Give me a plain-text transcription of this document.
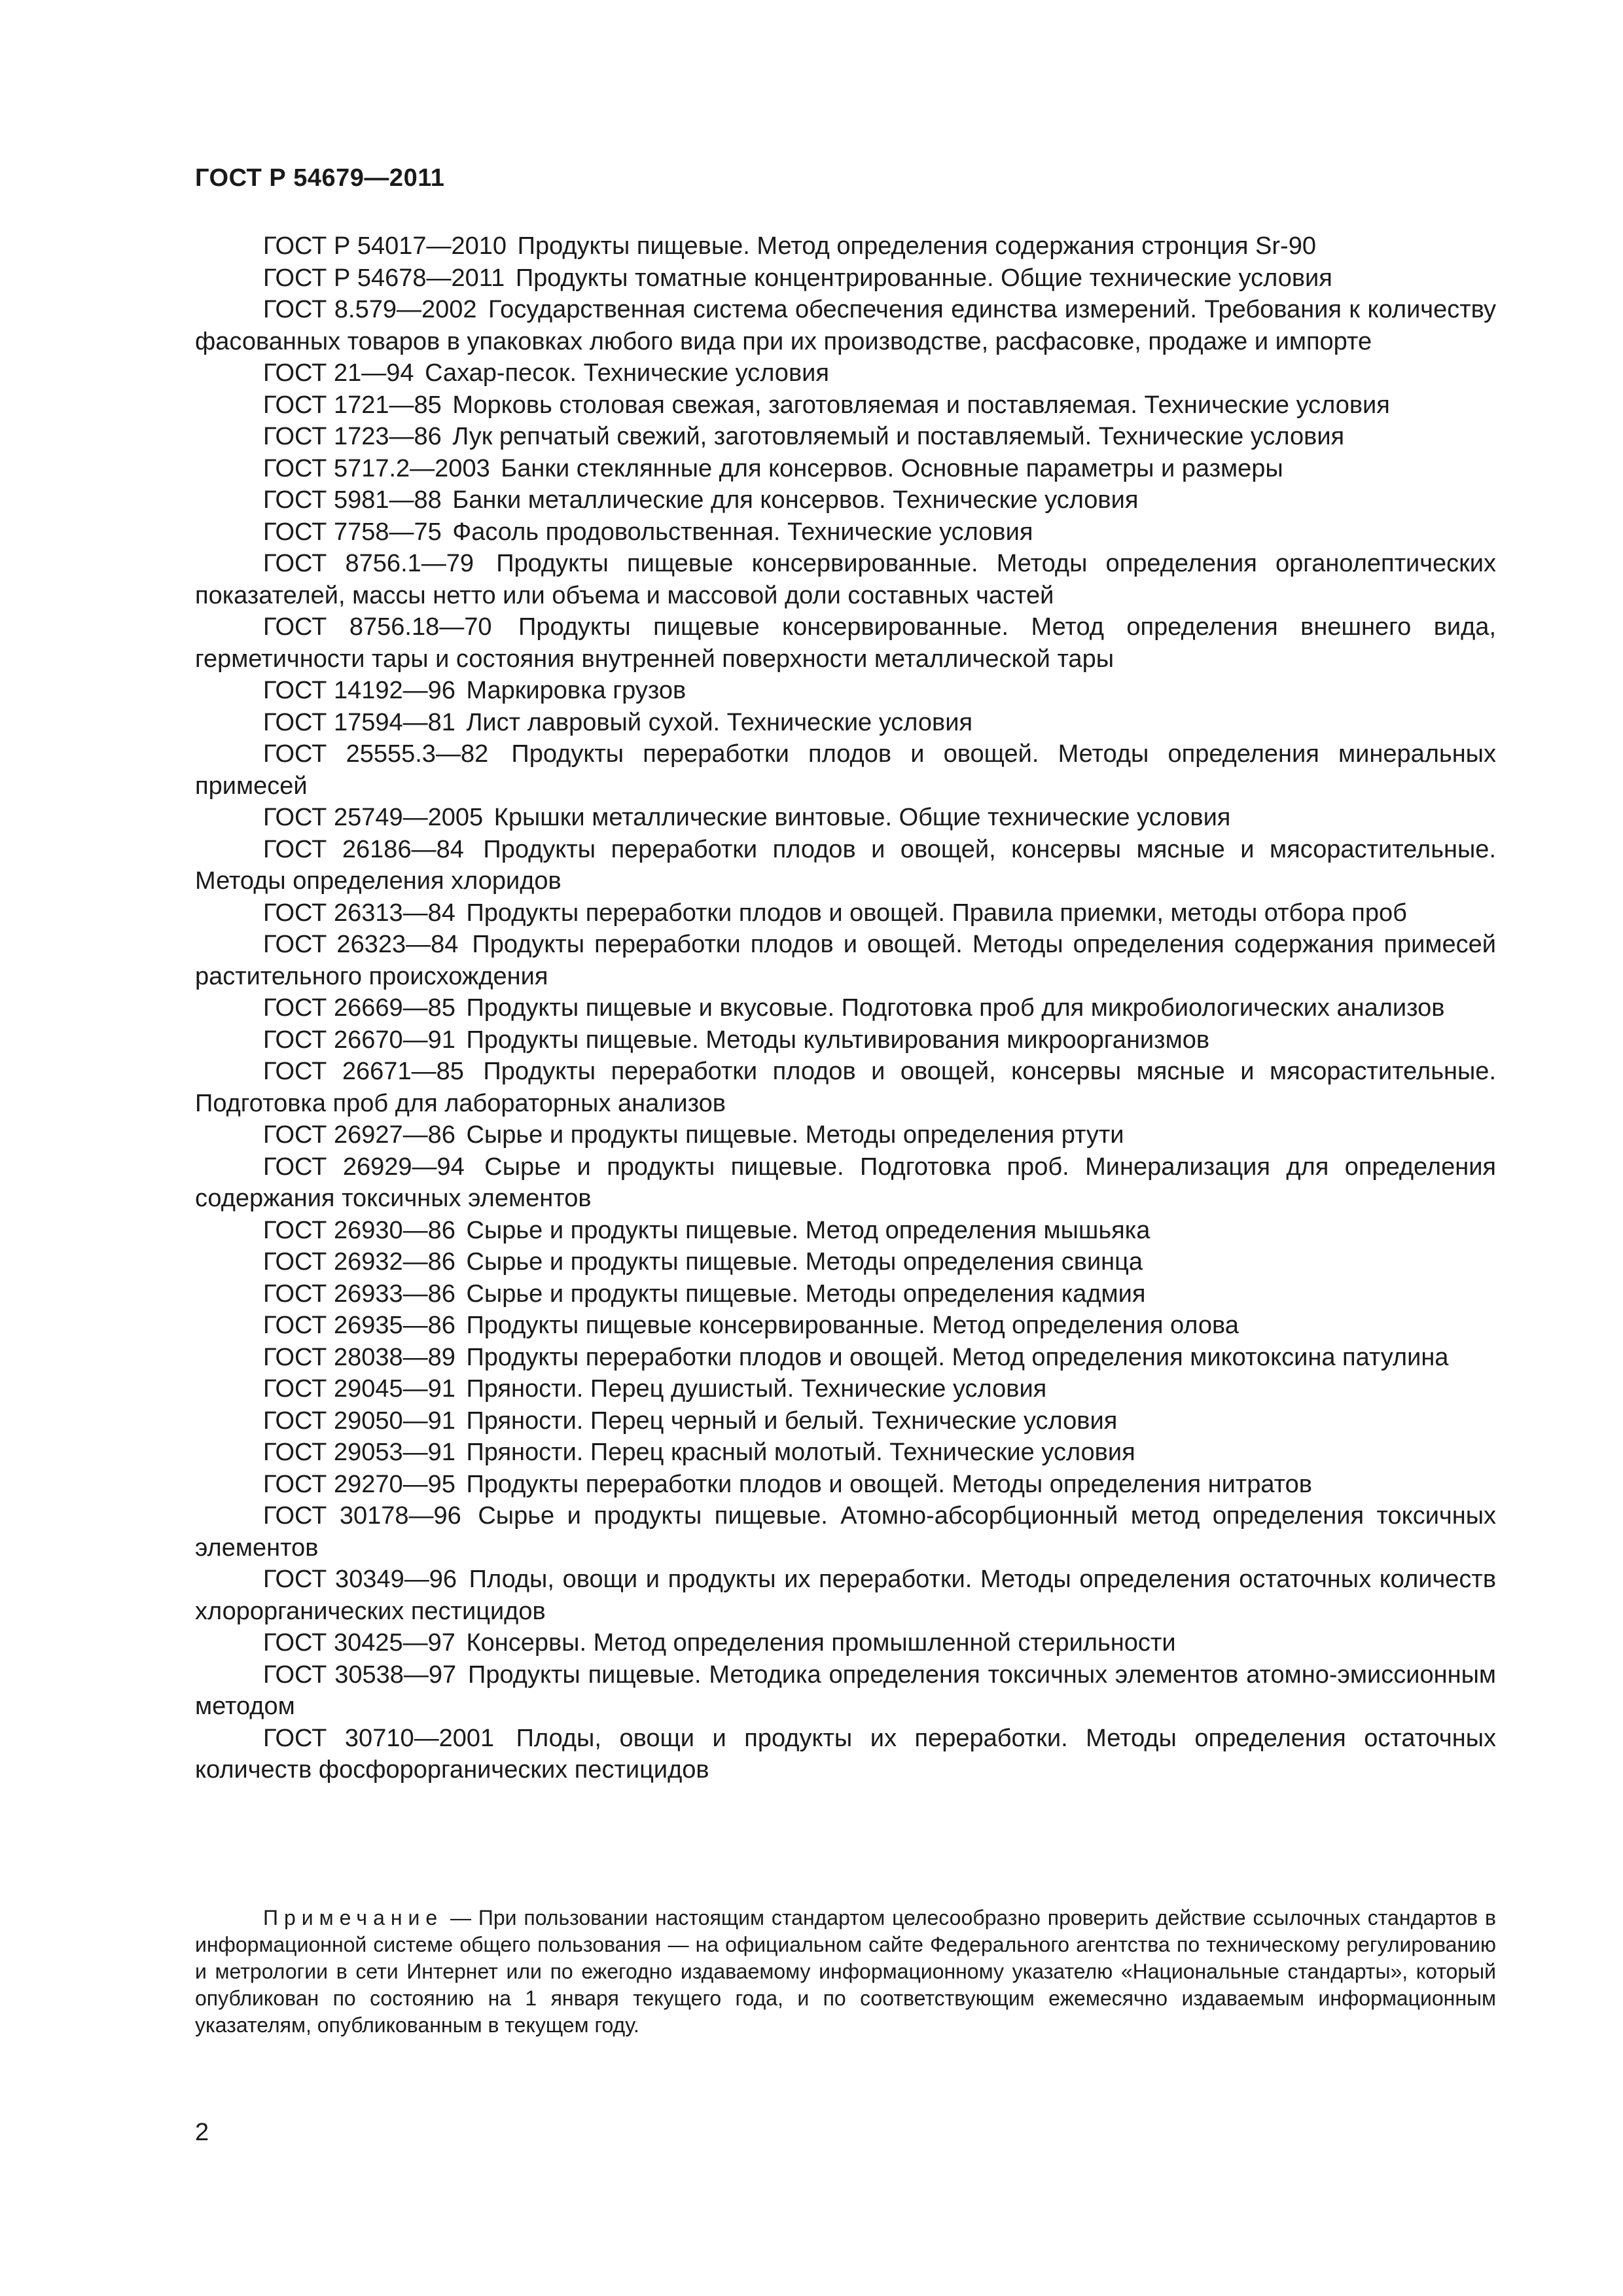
ГОСТ Р 54679—2011
ГОСТ Р 54017—2010 Продукты пищевые. Метод определения содержания стронция Sr-90
ГОСТ Р 54678—2011 Продукты томатные концентрированные. Общие технические условия
ГОСТ 8.579—2002 Государственная система обеспечения единства измерений. Требования к количеству фасованных товаров в упаковках любого вида при их производстве, расфасовке, продаже и импорте
ГОСТ 21—94 Сахар-песок. Технические условия
ГОСТ 1721—85 Морковь столовая свежая, заготовляемая и поставляемая. Технические условия
ГОСТ 1723—86 Лук репчатый свежий, заготовляемый и поставляемый. Технические условия
ГОСТ 5717.2—2003 Банки стеклянные для консервов. Основные параметры и размеры
ГОСТ 5981—88 Банки металлические для консервов. Технические условия
ГОСТ 7758—75 Фасоль продовольственная. Технические условия
ГОСТ 8756.1—79 Продукты пищевые консервированные. Методы определения органолептических показателей, массы нетто или объема и массовой доли составных частей
ГОСТ 8756.18—70 Продукты пищевые консервированные. Метод определения внешнего вида, герметичности тары и состояния внутренней поверхности металлической тары
ГОСТ 14192—96 Маркировка грузов
ГОСТ 17594—81 Лист лавровый сухой. Технические условия
ГОСТ 25555.3—82 Продукты переработки плодов и овощей. Методы определения минеральных примесей
ГОСТ 25749—2005 Крышки металлические винтовые. Общие технические условия
ГОСТ 26186—84 Продукты переработки плодов и овощей, консервы мясные и мясорастительные. Методы определения хлоридов
ГОСТ 26313—84 Продукты переработки плодов и овощей. Правила приемки, методы отбора проб
ГОСТ 26323—84 Продукты переработки плодов и овощей. Методы определения содержания примесей растительного происхождения
ГОСТ 26669—85 Продукты пищевые и вкусовые. Подготовка проб для микробиологических анализов
ГОСТ 26670—91 Продукты пищевые. Методы культивирования микроорганизмов
ГОСТ 26671—85 Продукты переработки плодов и овощей, консервы мясные и мясорастительные. Подготовка проб для лабораторных анализов
ГОСТ 26927—86 Сырье и продукты пищевые. Методы определения ртути
ГОСТ 26929—94 Сырье и продукты пищевые. Подготовка проб. Минерализация для определения содержания токсичных элементов
ГОСТ 26930—86 Сырье и продукты пищевые. Метод определения мышьяка
ГОСТ 26932—86 Сырье и продукты пищевые. Методы определения свинца
ГОСТ 26933—86 Сырье и продукты пищевые. Методы определения кадмия
ГОСТ 26935—86 Продукты пищевые консервированные. Метод определения олова
ГОСТ 28038—89 Продукты переработки плодов и овощей. Метод определения микотоксина патулина
ГОСТ 29045—91 Пряности. Перец душистый. Технические условия
ГОСТ 29050—91 Пряности. Перец черный и белый. Технические условия
ГОСТ 29053—91 Пряности. Перец красный молотый. Технические условия
ГОСТ 29270—95 Продукты переработки плодов и овощей. Методы определения нитратов
ГОСТ 30178—96 Сырье и продукты пищевые. Атомно-абсорбционный метод определения токсичных элементов
ГОСТ 30349—96 Плоды, овощи и продукты их переработки. Методы определения остаточных количеств хлорорганических пестицидов
ГОСТ 30425—97 Консервы. Метод определения промышленной стерильности
ГОСТ 30538—97 Продукты пищевые. Методика определения токсичных элементов атомно-эмиссионным методом
ГОСТ 30710—2001 Плоды, овощи и продукты их переработки. Методы определения остаточных количеств фосфорорганических пестицидов
Примечание — При пользовании настоящим стандартом целесообразно проверить действие ссылочных стандартов в информационной системе общего пользования — на официальном сайте Федерального агентства по техническому регулированию и метрологии в сети Интернет или по ежегодно издаваемому информационному указателю «Национальные стандарты», который опубликован по состоянию на 1 января текущего года, и по соответствующим ежемесячно издаваемым информационным указателям, опубликованным в текущем году.
2
